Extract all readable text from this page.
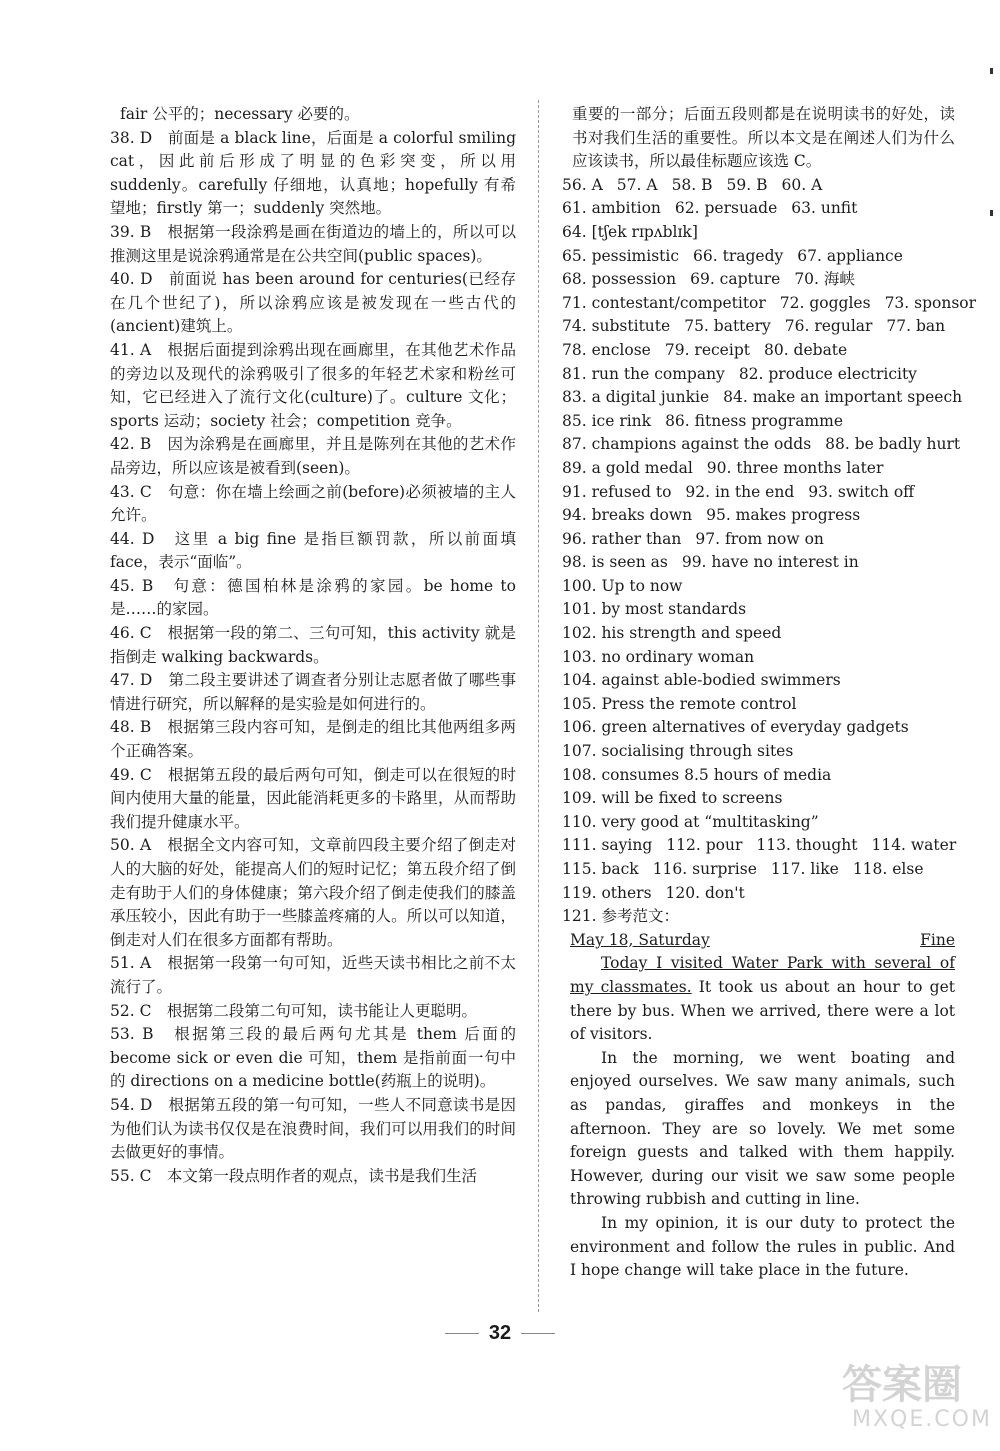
fair 公平的；necessary 必要的。
38. D　前面是 a black line，后面是 a colorful smiling cat，因此前后形成了明显的色彩突变，所以用 suddenly。carefully 仔细地，认真地；hopefully 有希望地；firstly 第一；suddenly 突然地。
39. B　根据第一段涂鸦是画在街道边的墙上的，所以可以推测这里是说涂鸦通常是在公共空间(public spaces)。
40. D　前面说 has been around for centuries(已经存在几个世纪了)，所以涂鸦应该是被发现在一些古代的(ancient)建筑上。
41. A　根据后面提到涂鸦出现在画廊里，在其他艺术作品的旁边以及现代的涂鸦吸引了很多的年轻艺术家和粉丝可知，它已经进入了流行文化(culture)了。culture 文化；sports 运动；society 社会；competition 竞争。
42. B　因为涂鸦是在画廊里，并且是陈列在其他的艺术作品旁边，所以应该是被看到(seen)。
43. C　句意：你在墙上绘画之前(before)必须被墙的主人允许。
44. D　这里 a big fine 是指巨额罚款，所以前面填 face，表示“面临”。
45. B　句意：德国柏林是涂鸦的家园。be home to 是……的家园。
46. C　根据第一段的第二、三句可知，this activity 就是指倒走 walking backwards。
47. D　第二段主要讲述了调查者分别让志愿者做了哪些事情进行研究，所以解释的是实验是如何进行的。
48. B　根据第三段内容可知，是倒走的组比其他两组多两个正确答案。
49. C　根据第五段的最后两句可知，倒走可以在很短的时间内使用大量的能量，因此能消耗更多的卡路里，从而帮助我们提升健康水平。
50. A　根据全文内容可知，文章前四段主要介绍了倒走对人的大脑的好处，能提高人们的短时记忆；第五段介绍了倒走有助于人们的身体健康；第六段介绍了倒走使我们的膝盖承压较小，因此有助于一些膝盖疼痛的人。所以可以知道，倒走对人们在很多方面都有帮助。
51. A　根据第一段第一句可知，近些天读书相比之前不太流行了。
52. C　根据第二段第二句可知，读书能让人更聪明。
53. B　根据第三段的最后两句尤其是 them 后面的 become sick or even die 可知，them 是指前面一句中的 directions on a medicine bottle(药瓶上的说明)。
54. D　根据第五段的第一句可知，一些人不同意读书是因为他们认为读书仅仅是在浪费时间，我们可以用我们的时间去做更好的事情。
55. C　本文第一段点明作者的观点，读书是我们生活
重要的一部分；后面五段则都是在说明读书的好处，读书对我们生活的重要性。所以本文是在阐述人们为什么应该读书，所以最佳标题应该选 C。
56. A 57. A 58. B 59. B 60. A
61. ambition 62. persuade 63. unfit
64. [tʃek rɪpʌblɪk]
65. pessimistic 66. tragedy 67. appliance
68. possession 69. capture 70. 海峡
71. contestant/competitor 72. goggles 73. sponsor
74. substitute 75. battery 76. regular 77. ban
78. enclose 79. receipt 80. debate
81. run the company 82. produce electricity
83. a digital junkie 84. make an important speech
85. ice rink 86. fitness programme
87. champions against the odds 88. be badly hurt
89. a gold medal 90. three months later
91. refused to 92. in the end 93. switch off
94. breaks down 95. makes progress
96. rather than 97. from now on
98. is seen as 99. have no interest in
100. Up to now
101. by most standards
102. his strength and speed
103. no ordinary woman
104. against able-bodied swimmers
105. Press the remote control
106. green alternatives of everyday gadgets
107. socialising through sites
108. consumes 8.5 hours of media
109. will be fixed to screens
110. very good at “multitasking”
111. saying 112. pour 113. thought 114. water
115. back 116. surprise 117. like 118. else
119. others 120. don't
121. 参考范文：

May 18, Saturday	Fine

Today I visited Water Park with several of my classmates. It took us about an hour to get there by bus. When we arrived, there were a lot of visitors.

In the morning, we went boating and enjoyed ourselves. We saw many animals, such as pandas, giraffes and monkeys in the afternoon. They are so lovely. We met some foreign guests and talked with them happily. However, during our visit we saw some people throwing rubbish and cutting in line.

In my opinion, it is our duty to protect the environment and follow the rules in public. And I hope change will take place in the future.

32
答案圈
MXQE.COM
